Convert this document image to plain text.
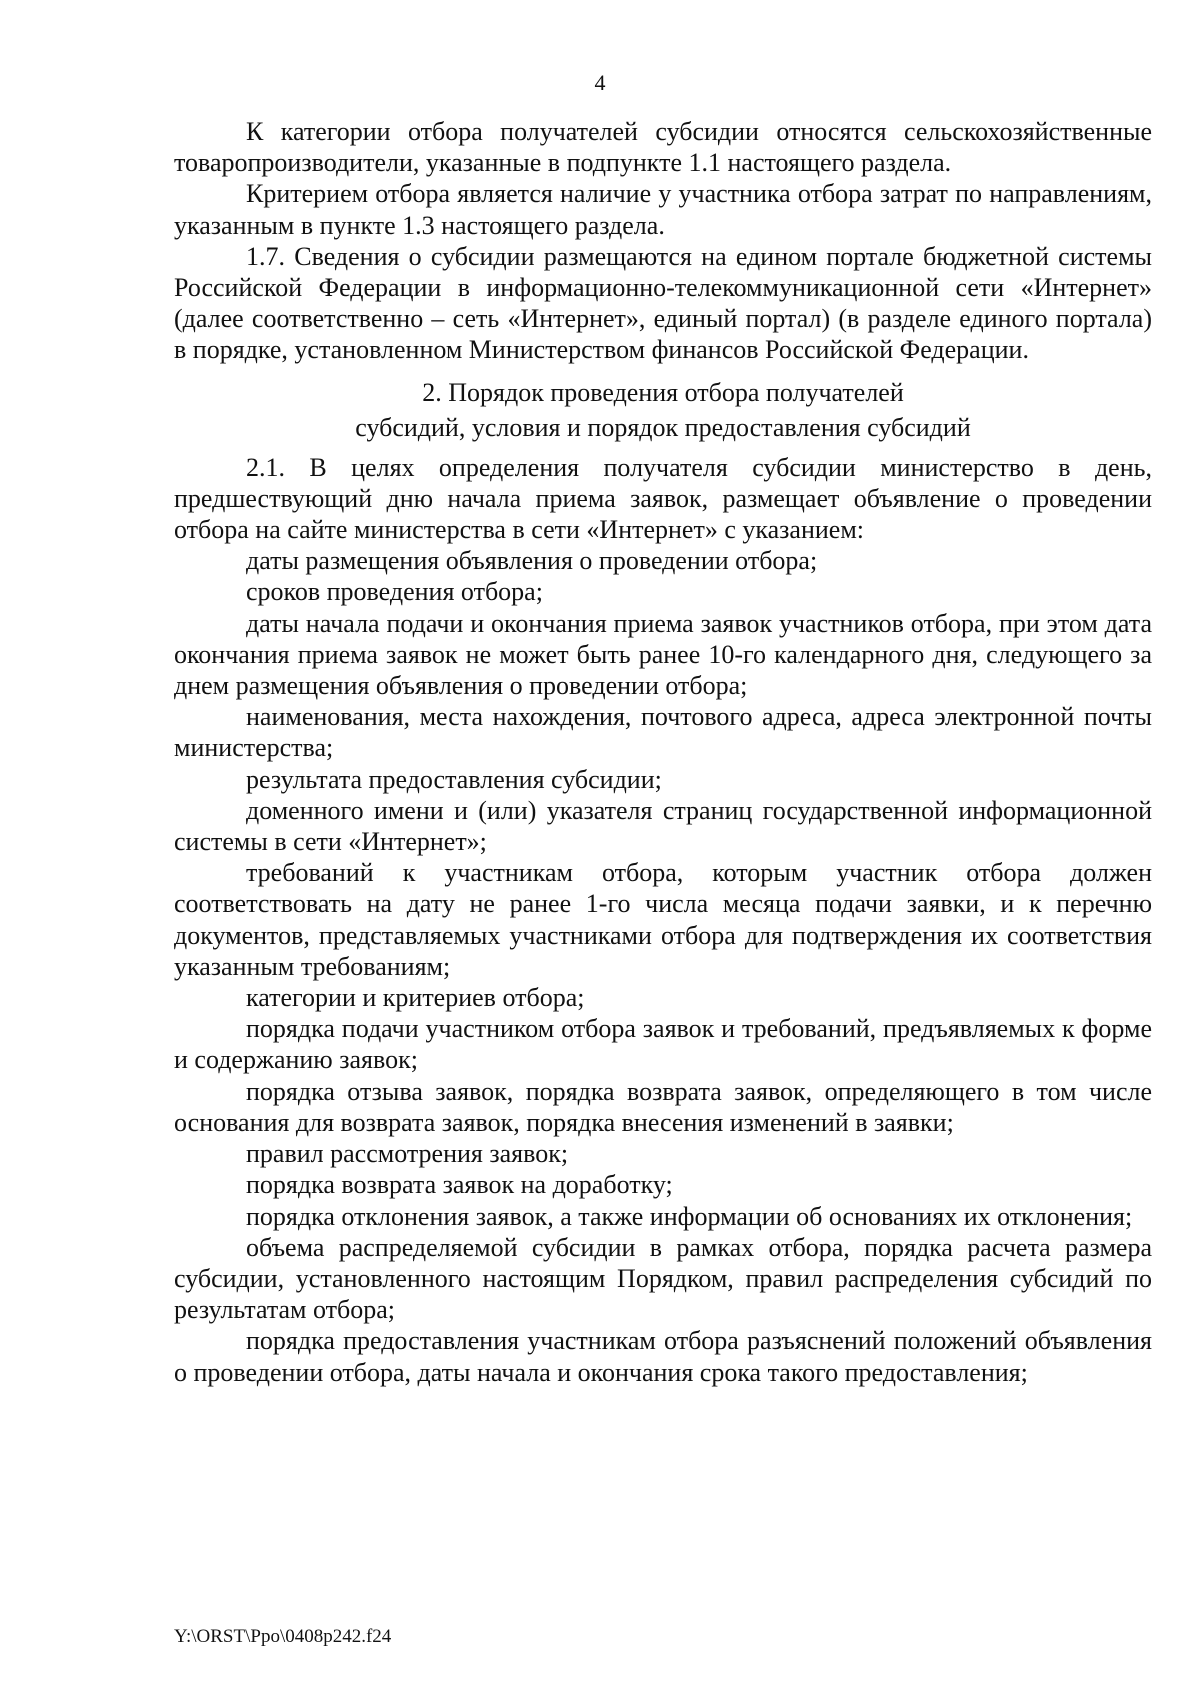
4

К категории отбора получателей субсидии относятся сельскохозяйственные товаропроизводители, указанные в подпункте 1.1 настоящего раздела.

Критерием отбора является наличие у участника отбора затрат по направлениям, указанным в пункте 1.3 настоящего раздела.

1.7. Сведения о субсидии размещаются на едином портале бюджетной системы Российской Федерации в информационно-телекоммуникационной сети «Интернет» (далее соответственно – сеть «Интернет», единый портал) (в разделе единого портала) в порядке, установленном Министерством финансов Российской Федерации.

2. Порядок проведения отбора получателей
субсидий, условия и порядок предоставления субсидий

2.1. В целях определения получателя субсидии министерство в день, предшествующий дню начала приема заявок, размещает объявление о проведении отбора на сайте министерства в сети «Интернет» с указанием:

даты размещения объявления о проведении отбора;

сроков проведения отбора;

даты начала подачи и окончания приема заявок участников отбора, при этом дата окончания приема заявок не может быть ранее 10-го календарного дня, следующего за днем размещения объявления о проведении отбора;

наименования, места нахождения, почтового адреса, адреса электронной почты министерства;

результата предоставления субсидии;

доменного имени и (или) указателя страниц государственной информационной системы в сети «Интернет»;

требований к участникам отбора, которым участник отбора должен соответствовать на дату не ранее 1-го числа месяца подачи заявки, и к перечню документов, представляемых участниками отбора для подтверждения их соответствия указанным требованиям;

категории и критериев отбора;

порядка подачи участником отбора заявок и требований, предъявляемых к форме и содержанию заявок;

порядка отзыва заявок, порядка возврата заявок, определяющего в том числе основания для возврата заявок, порядка внесения изменений в заявки;

правил рассмотрения заявок;

порядка возврата заявок на доработку;

порядка отклонения заявок, а также информации об основаниях их отклонения;

объема распределяемой субсидии в рамках отбора, порядка расчета размера субсидии, установленного настоящим Порядком, правил распределения субсидий по результатам отбора;

порядка предоставления участникам отбора разъяснений положений объявления о проведении отбора, даты начала и окончания срока такого предоставления;

Y:\ORST\Ppo\0408p242.f24
